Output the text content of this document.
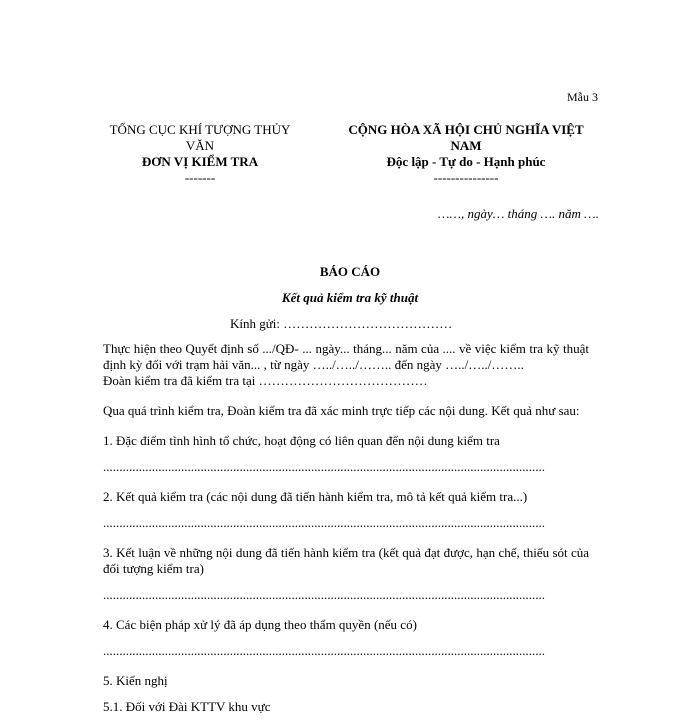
Mẫu 3
TỔNG CỤC KHÍ TƯỢNG THỦY
VĂN
ĐƠN VỊ KIỂM TRA
-------
CỘNG HÒA XÃ HỘI CHỦ NGHĨA VIỆT
NAM
Độc lập - Tự do - Hạnh phúc
---------------
……, ngày… tháng …. năm ….
BÁO CÁO
Kết quả kiểm tra kỹ thuật
Kính gửi: …………………………………

Thực hiện theo Quyết định số .../QĐ- ... ngày... tháng... năm của .... về việc kiểm tra kỹ thuật định kỳ đối với trạm hải văn... , từ ngày …../…../…….. đến ngày …../…../……..

Đoàn kiểm tra đã kiểm tra tại …………………………………

Qua quá trình kiểm tra, Đoàn kiểm tra đã xác minh trực tiếp các nội dung. Kết quả như sau:

1. Đặc điểm tình hình tổ chức, hoạt động có liên quan đến nội dung kiểm tra

........................................................................................................................................

2. Kết quả kiểm tra (các nội dung đã tiến hành kiểm tra, mô tả kết quả kiểm tra...)

........................................................................................................................................

3. Kết luận về những nội dung đã tiến hành kiểm tra (kết quả đạt được, hạn chế, thiếu sót của đối tượng kiểm tra)

........................................................................................................................................

4. Các biện pháp xử lý đã áp dụng theo thẩm quyền (nếu có)

........................................................................................................................................

5. Kiến nghị

5.1. Đối với Đài KTTV khu vực
